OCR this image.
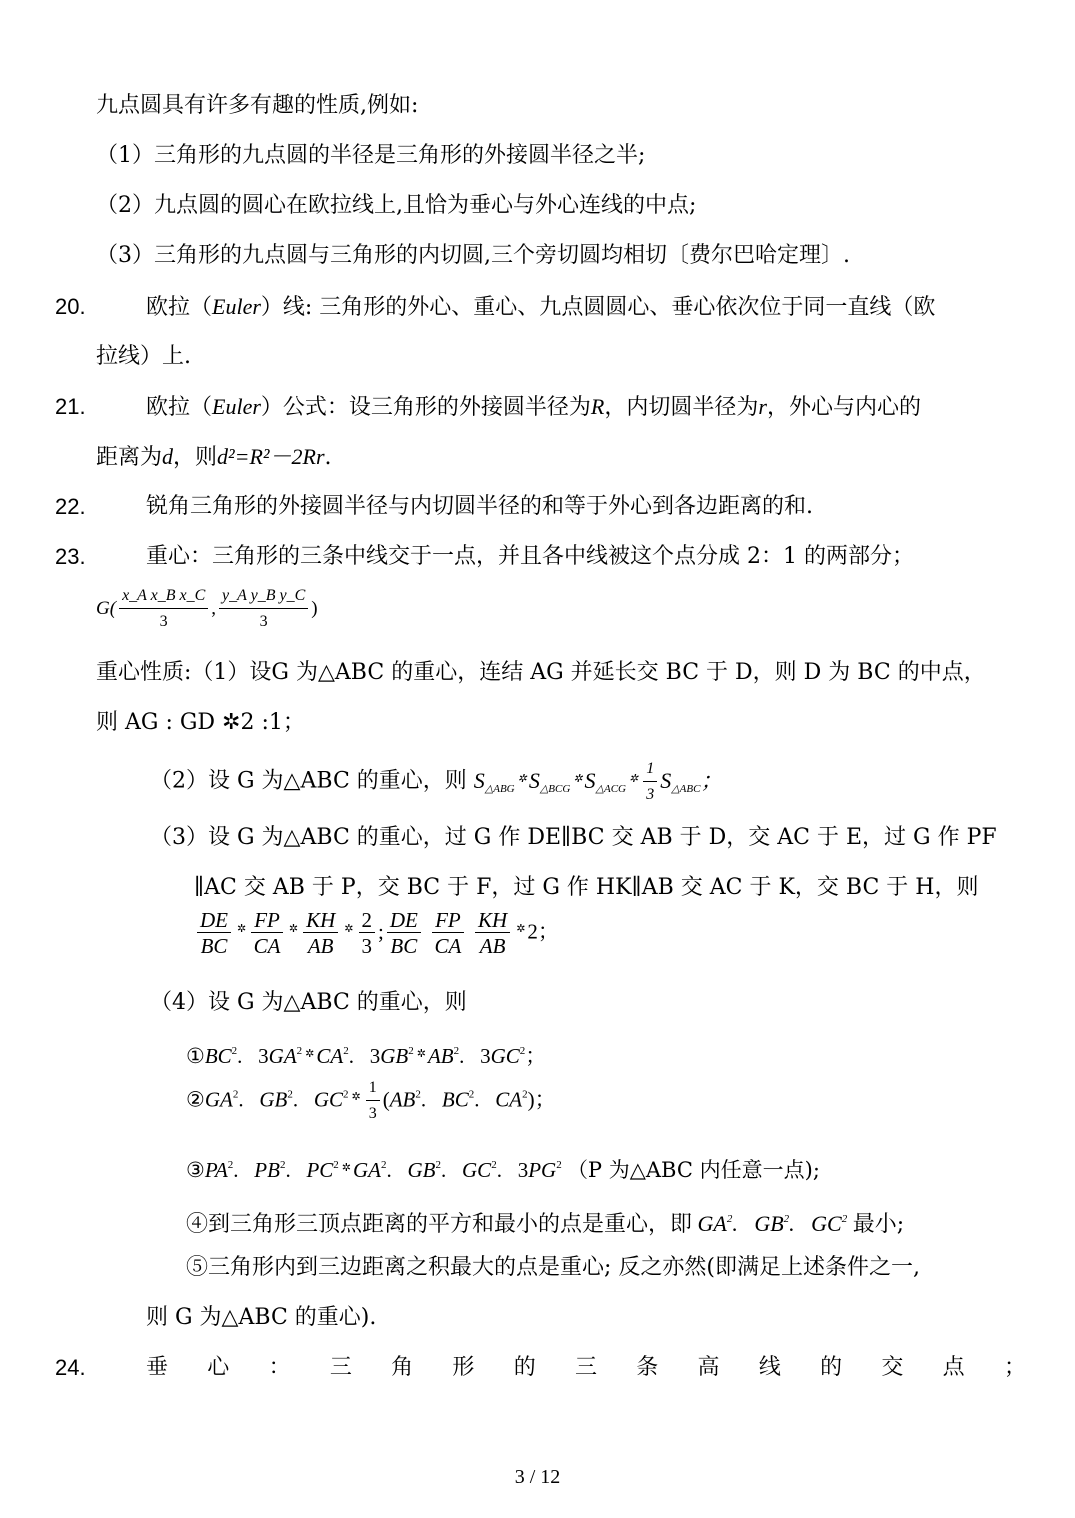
九点圆具有许多有趣的性质,例如:
（1）三角形的九点圆的半径是三角形的外接圆半径之半;
（2）九点圆的圆心在欧拉线上,且恰为垂心与外心连线的中点;
（3）三角形的九点圆与三角形的内切圆,三个旁切圆均相切〔费尔巴哈定理〕.
20.	欧拉（Euler）线: 三角形的外心、重心、九点圆圆心、垂心依次位于同一直线（欧
拉线）上.
21.	欧拉（Euler）公式：设三角形的外接圆半径为R，内切圆半径为r，外心与内心的
距离为d，则d²=R²－2Rr.
22.	锐角三角形的外接圆半径与内切圆半径的和等于外心到各边距离的和.
23.	重心：三角形的三条中线交于一点，并且各中线被这个点分成 2：1 的两部分；
$G( \frac{\text{x\_A x\_B x\_C}}{3}$ , $\frac{\text{y\_A y\_B y\_C}}{3}$ )
重心性质:（1）设G 为△ABC 的重心，连结 AG 并延长交 BC 于 D，则 D 为 BC 的中点，
则 AG : GD ✲2 :1；
（2）设 G 为△ABC 的重心，则 $S_{\triangle ABG}^✲$ $S_{\triangle BCG}^✲$ $S_{\triangle ACG}^✲ \frac{1}{3} S_{\triangle ABC}$；
（3）设 G 为△ABC 的重心，过 G 作 DE∥BC 交 AB 于 D，交 AC 于 E，过 G 作 PF
∥AC 交 AB 于 P，交 BC 于 F，过 G 作 HK∥AB 交 AC 于 K，交 BC 于 H，则
$\frac{DE}{BC} ^✲ \frac{FP}{CA} ^✲ \frac{KH}{AB} ^✲ \frac{2}{3}$ ; $\frac{DE}{BC}$
$\frac{FP}{CA}$
$\frac{KH}{AB} ^✲$ 2；
（4）设 G 为△ABC 的重心，则
$①BC^2$.   $3GA^2$ ✲ $CA^2$.   $3GB^2$ ✲ $AB^2$.   $3GC^2$；
$②GA^2$.   $GB^2$.   $GC^2$ $^✲ \frac{1}{3} (AB^2$.   $BC^2$.   $CA^2$)；
$③PA^2$.   $PB^2$.   $PC^2$ ✲ $GA^2$.   $GB^2$.   $GC^2$.   $3PG^2$ （P 为△ABC 内任意一点);
④到三角形三顶点距离的平方和最小的点是重心，即 $GA^2$.   $GB^2$.   $GC^2$ 最小;
⑤三角形内到三边距离之积最大的点是重心; 反之亦然(即满足上述条件之一,
则 G 为△ABC 的重心).
24.	垂 心 ： 三 角 形 的 三 条 高 线 的 交 点 ；
3 / 12
